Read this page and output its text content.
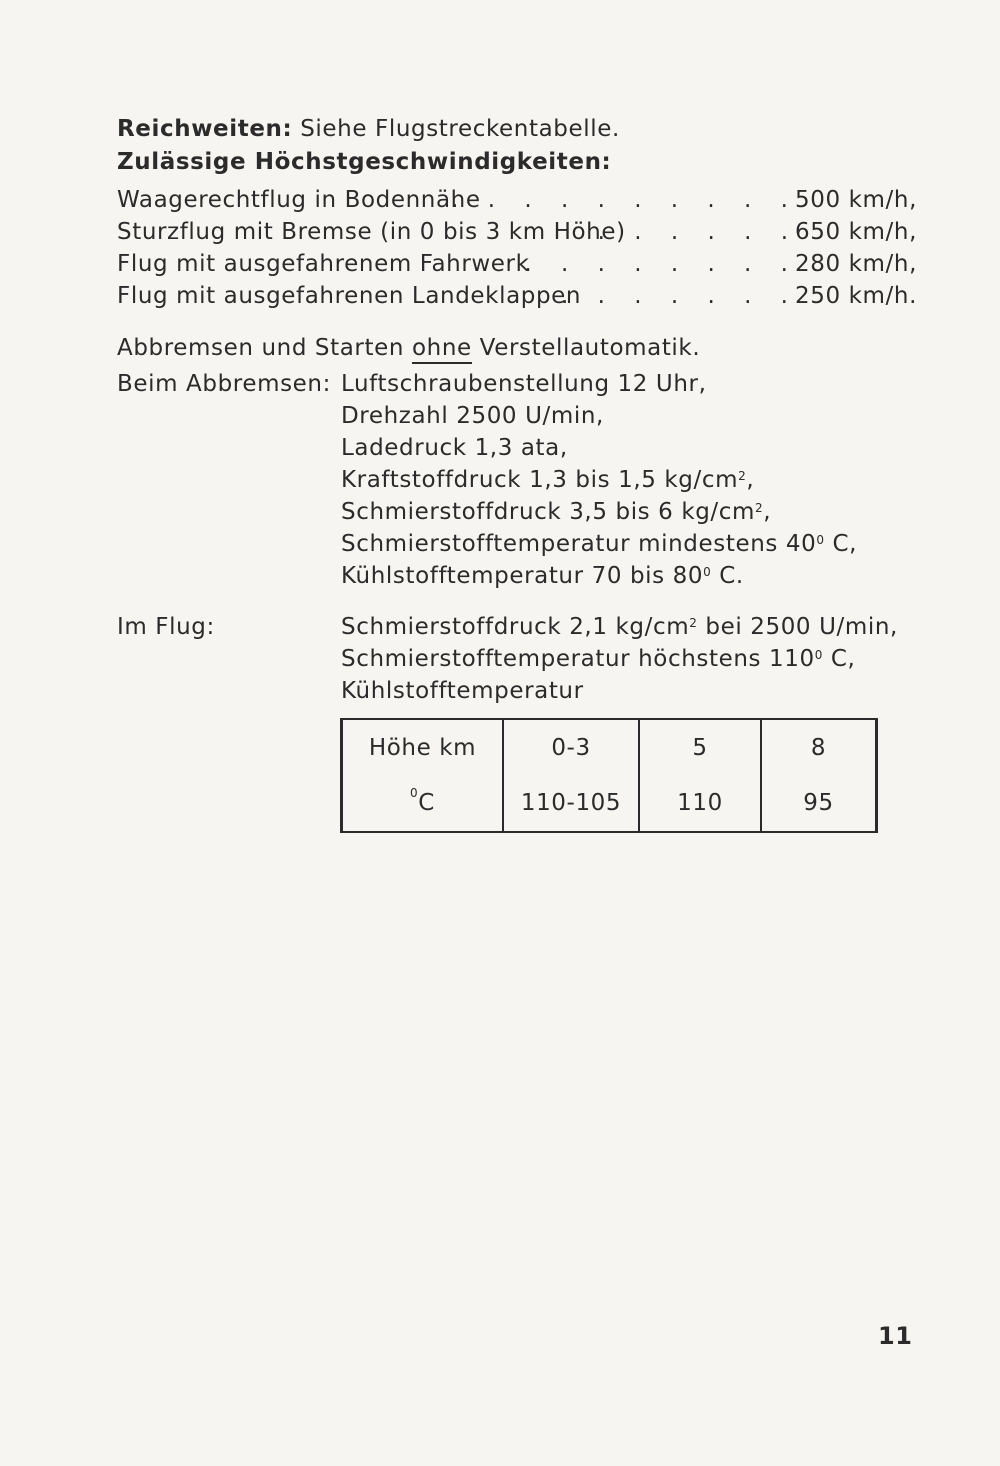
Reichweiten: Siehe Flugstreckentabelle.
Zulässige Höchstgeschwindigkeiten:
Waagerechtflug in Bodennähe
. . . . . . . . . .
500 km/h,
Sturzflug mit Bremse (in 0 bis 3 km Höhe)
. . . . . .
650 km/h,
Flug mit ausgefahrenem Fahrwerk
. . . . . . . .
280 km/h,
Flug mit ausgefahrenen Landeklappen
. . . . . . .
250 km/h.
Abbremsen und Starten ohne Verstellautomatik.
Beim Abbremsen: Luftschraubenstellung 12 Uhr,
Drehzahl 2500 U/min,
Ladedruck 1,3 ata,
Kraftstoffdruck 1,3 bis 1,5 $kg/cm^2$,
Schmierstoffdruck 3,5 bis 6 $kg/cm^2$,
Schmierstofftemperatur mindestens $40^0$ C,
Kühlstofftemperatur 70 bis $80^0$ C.
Im Flug:	Schmierstoffdruck 2,1 $kg/cm^2$ bei 2500 U/min,
Schmierstofftemperatur höchstens $110^0$ C,
Kühlstofftemperatur
Höhe km	0-3	5	8
$^0$C	110-105	110	95
11
